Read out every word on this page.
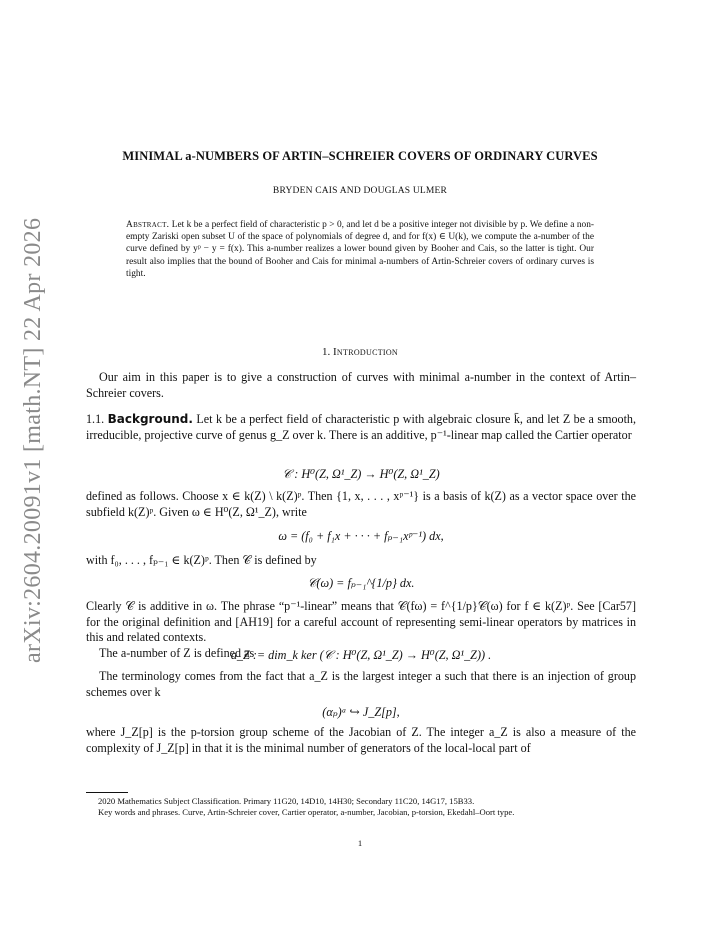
arXiv:2604.20091v1 [math.NT] 22 Apr 2026
MINIMAL a-NUMBERS OF ARTIN–SCHREIER COVERS OF ORDINARY CURVES
BRYDEN CAIS AND DOUGLAS ULMER
Abstract. Let k be a perfect field of characteristic p > 0, and let d be a positive integer not divisible by p. We define a non-empty Zariski open subset U of the space of polynomials of degree d, and for f(x) ∈ U(k), we compute the a-number of the curve defined by yᵖ − y = f(x). This a-number realizes a lower bound given by Booher and Cais, so the latter is tight. Our result also implies that the bound of Booher and Cais for minimal a-numbers of Artin-Schreier covers of ordinary curves is tight.
1. Introduction

Our aim in this paper is to give a construction of curves with minimal a-number in the context of Artin–Schreier covers.

1.1. Background. Let k be a perfect field of characteristic p with algebraic closure k̄, and let Z be a smooth, irreducible, projective curve of genus g_Z over k. There is an additive, p⁻¹-linear map called the Cartier operator

𝒞 : H⁰(Z, Ω¹_Z) → H⁰(Z, Ω¹_Z)

defined as follows. Choose x ∈ k(Z) \ k(Z)ᵖ. Then {1, x, . . . , xᵖ⁻¹} is a basis of k(Z) as a vector space over the subfield k(Z)ᵖ. Given ω ∈ H⁰(Z, Ω¹_Z), write

ω = (f₀ + f₁x + · · · + fₚ₋₁xᵖ⁻¹) dx,

with f₀, . . . , fₚ₋₁ ∈ k(Z)ᵖ. Then 𝒞 is defined by

𝒞(ω) = fₚ₋₁^{1/p} dx.

Clearly 𝒞 is additive in ω. The phrase “p⁻¹-linear” means that 𝒞(fω) = f^{1/p}𝒞(ω) for f ∈ k(Z)ᵖ. See [Car57] for the original definition and [AH19] for a careful account of representing semi-linear operators by matrices in this and related contexts.

The a-number of Z is defined as

a_Z := dim_k ker (𝒞 : H⁰(Z, Ω¹_Z) → H⁰(Z, Ω¹_Z)) .

The terminology comes from the fact that a_Z is the largest integer a such that there is an injection of group schemes over k

(αₚ)ᵃ ↪ J_Z[p],

where J_Z[p] is the p-torsion group scheme of the Jacobian of Z. The integer a_Z is also a measure of the complexity of J_Z[p] in that it is the minimal number of generators of the local-local part of

2020 Mathematics Subject Classification. Primary 11G20, 14D10, 14H30; Secondary 11C20, 14G17, 15B33.

Key words and phrases. Curve, Artin-Schreier cover, Cartier operator, a-number, Jacobian, p-torsion, Ekedahl–Oort type.

1
